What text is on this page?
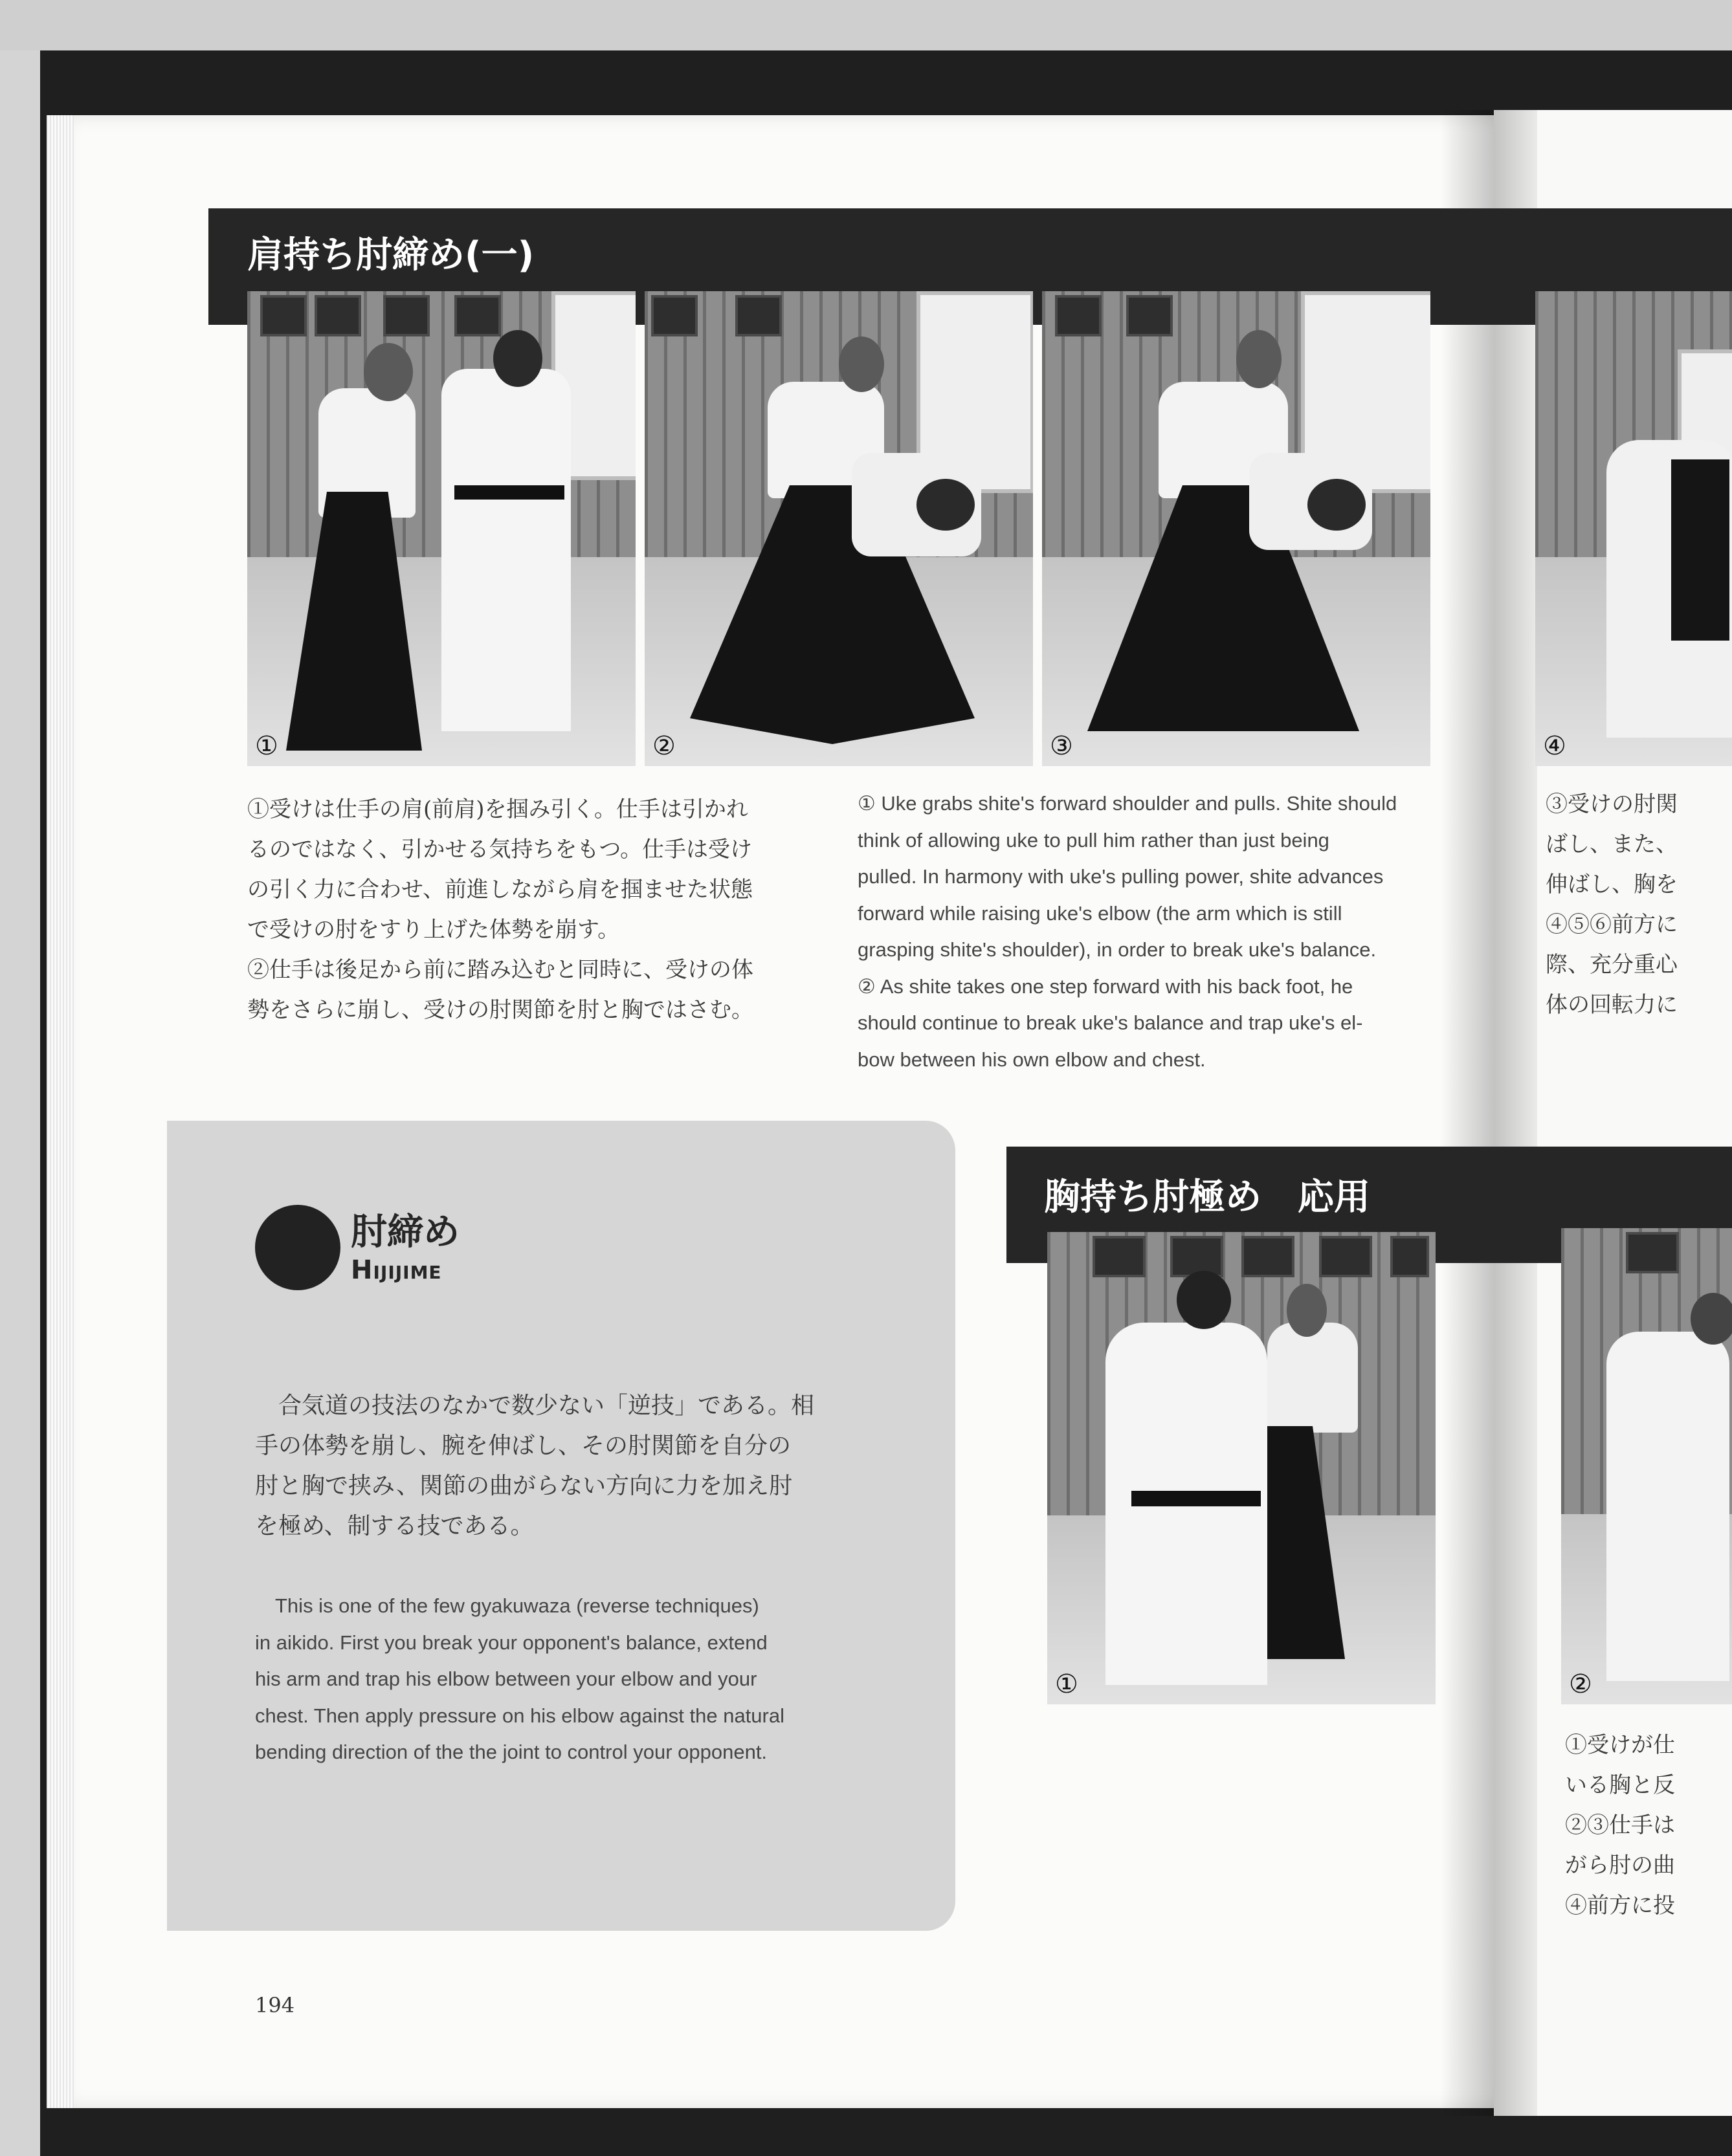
肩持ち肘締め(一)
①	②	③	④
①受けは仕手の肩(前肩)を掴み引く。仕手は引かれ
るのではなく、引かせる気持ちをもつ。仕手は受け
の引く力に合わせ、前進しながら肩を掴ませた状態
で受けの肘をすり上げた体勢を崩す。
②仕手は後足から前に踏み込むと同時に、受けの体
勢をさらに崩し、受けの肘関節を肘と胸ではさむ。
① Uke grabs shite's forward shoulder and pulls. Shite should
think of allowing uke to pull him rather than just being
pulled. In harmony with uke's pulling power, shite advances
forward while raising uke's elbow (the arm which is still
grasping shite's shoulder), in order to break uke's balance.
② As shite takes one step forward with his back foot, he
should continue to break uke's balance and trap uke's el-
bow between his own elbow and chest.
③受けの肘関
ばし、また、
伸ばし、胸を
④⑤⑥前方に
際、充分重心
体の回転力に
肘締め
Hijijime
　合気道の技法のなかで数少ない「逆技」である。相
手の体勢を崩し、腕を伸ばし、その肘関節を自分の
肘と胸で挟み、関節の曲がらない方向に力を加え肘
を極め、制する技である。
　This is one of the few gyakuwaza (reverse techniques)
in aikido. First you break your opponent's balance, extend
his arm and trap his elbow between your elbow and your
chest. Then apply pressure on his elbow against the natural
bending direction of the the joint to control your opponent.
胸持ち肘極め　応用
①	②
①受けが仕
いる胸と反
②③仕手は
がら肘の曲
④前方に投
194
